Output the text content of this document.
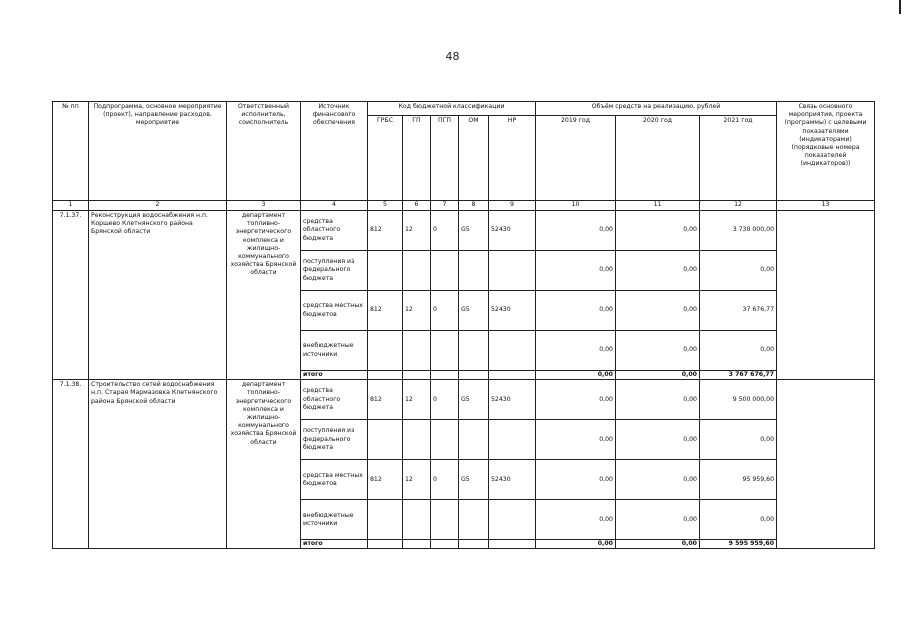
48
№ пп	Подпрограмма, основное мероприятие (проект), направление расходов, мероприятие	Ответственный исполнитель, соисполнитель	Источник финансового обеспечения	Код бюджетной классификации					Объём средств на реализацию, рублей			Связь основного мероприятия, проекта (программы) с целевыми показателями (индикаторами) (порядковые номера показателей (индикаторов))
				ГРБС	ГП	ПГП	ОМ	НР	2019 год	2020 год	2021 год	
1	2	3	4	5	6	7	8	9	10	11	12	13
7.1.37.	Реконструкция водоснабжения н.п. Коршево Клетнянского района Брянской области	департамент топливно-энергетического комплекса и жилищно-коммунального хозяйства Брянской области	средства областного бюджета	812	12	0	G5	52430	0,00	0,00	3 730 000,00	
			поступления из федерального бюджета						0,00	0,00	0,00	
			средства местных бюджетов	812	12	0	G5	52430	0,00	0,00	37 676,77	
			внебюджетные источники						0,00	0,00	0,00	
			итого						0,00	0,00	3 767 676,77	
7.1.38.	Строительство сетей водоснабжения н.п. Старая Мармазовка Клетнянского района Брянской области	департамент топливно-энергетического комплекса и жилищно-коммунального хозяйства Брянской области	средства областного бюджета	812	12	0	G5	52430	0,00	0,00	9 500 000,00	
			поступления из федерального бюджета						0,00	0,00	0,00	
			средства местных бюджетов	812	12	0	G5	52430	0,00	0,00	95 959,60	
			внебюджетные источники						0,00	0,00	0,00	
			итого						0,00	0,00	9 595 959,60	
